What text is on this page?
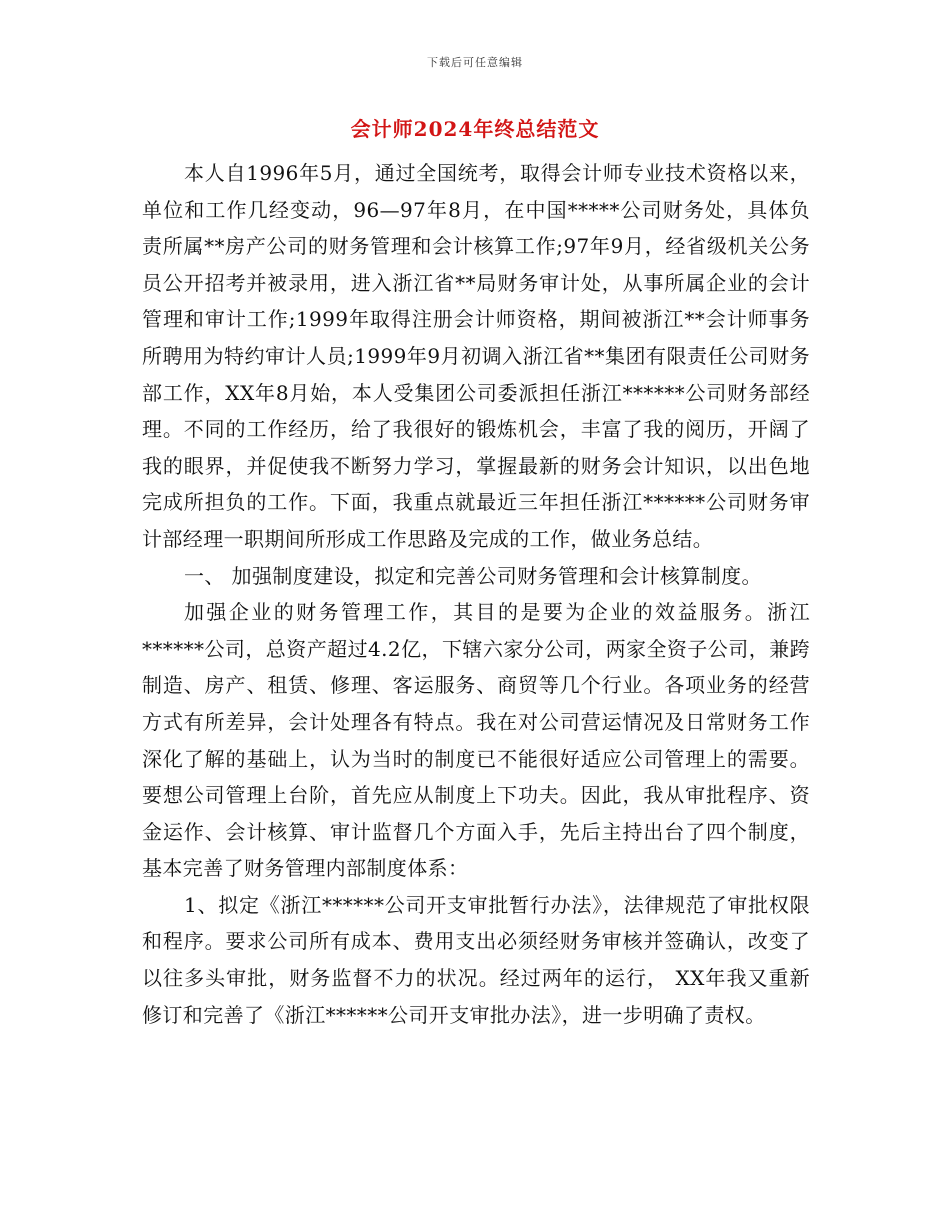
下载后可任意编辑
会计师2024年终总结范文

本人自1996年5月，通过全国统考，取得会计师专业技术资格以来，单位和工作几经变动，96—97年8月，在中国*****公司财务处，具体负责所属**房产公司的财务管理和会计核算工作;97年9月，经省级机关公务员公开招考并被录用，进入浙江省**局财务审计处，从事所属企业的会计管理和审计工作;1999年取得注册会计师资格，期间被浙江**会计师事务所聘用为特约审计人员;1999年9月初调入浙江省**集团有限责任公司财务部工作，XX年8月始，本人受集团公司委派担任浙江******公司财务部经理。不同的工作经历，给了我很好的锻炼机会，丰富了我的阅历，开阔了我的眼界，并促使我不断努力学习，掌握最新的财务会计知识，以出色地完成所担负的工作。下面，我重点就最近三年担任浙江******公司财务审计部经理一职期间所形成工作思路及完成的工作，做业务总结。

一、 加强制度建设，拟定和完善公司财务管理和会计核算制度。

加强企业的财务管理工作，其目的是要为企业的效益服务。浙江******公司，总资产超过4.2亿，下辖六家分公司，两家全资子公司，兼跨制造、房产、租赁、修理、客运服务、商贸等几个行业。各项业务的经营方式有所差异，会计处理各有特点。我在对公司营运情况及日常财务工作深化了解的基础上，认为当时的制度已不能很好适应公司管理上的需要。要想公司管理上台阶，首先应从制度上下功夫。因此，我从审批程序、资金运作、会计核算、审计监督几个方面入手，先后主持出台了四个制度，基本完善了财务管理内部制度体系：

1、拟定《浙江******公司开支审批暂行办法》，法律规范了审批权限和程序。要求公司所有成本、费用支出必须经财务审核并签确认，改变了以往多头审批，财务监督不力的状况。经过两年的运行， XX年我又重新修订和完善了《浙江******公司开支审批办法》，进一步明确了责权。
